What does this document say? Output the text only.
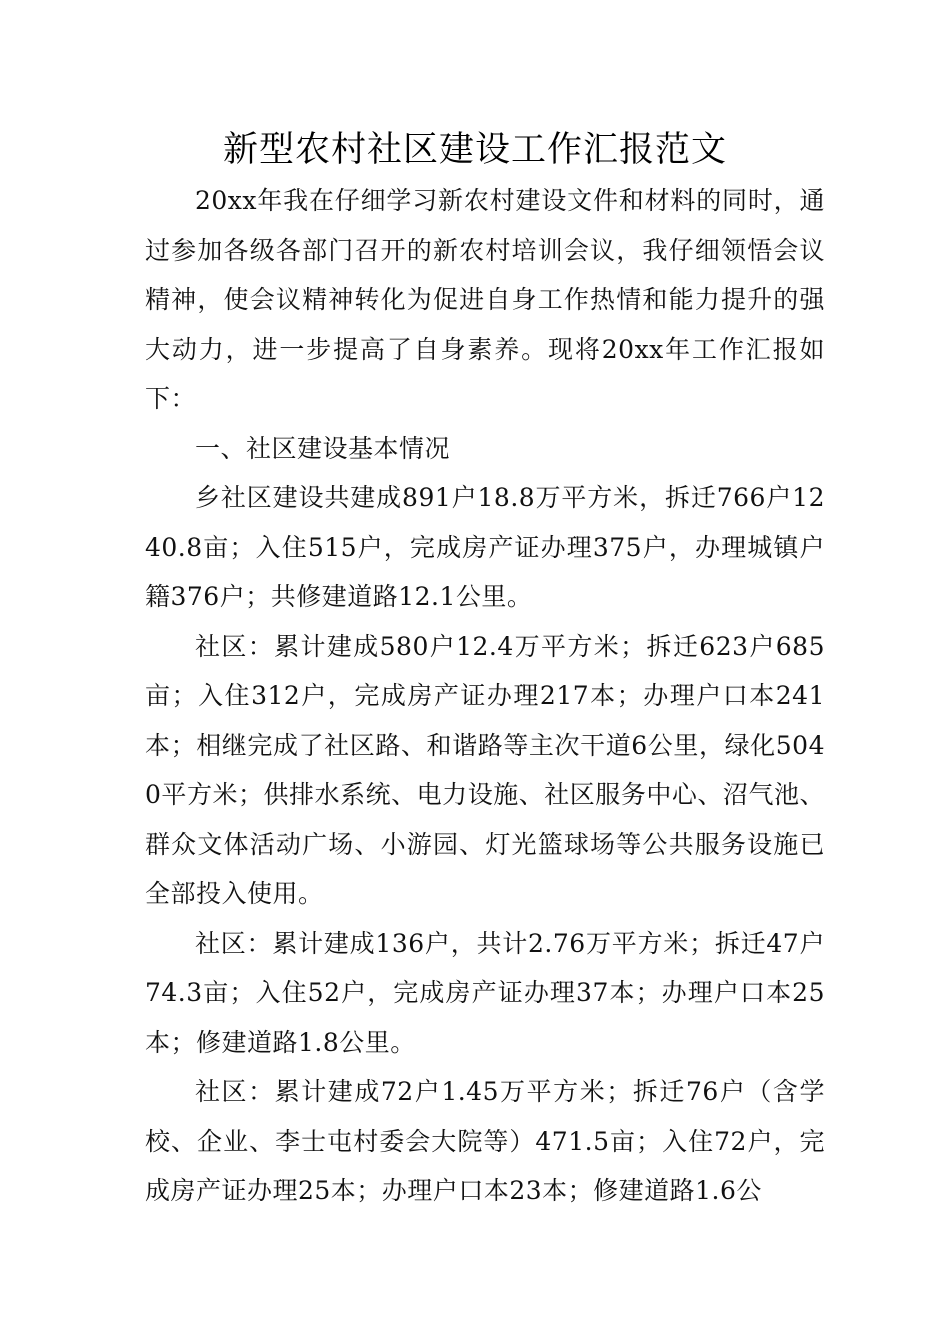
新型农村社区建设工作汇报范文

20xx年我在仔细学习新农村建设文件和材料的同时，通过参加各级各部门召开的新农村培训会议，我仔细领悟会议精神，使会议精神转化为促进自身工作热情和能力提升的强大动力，进一步提高了自身素养。现将20xx年工作汇报如下：

一、社区建设基本情况

乡社区建设共建成891户18.8万平方米，拆迁766户1240.8亩；入住515户，完成房产证办理375户，办理城镇户籍376户；共修建道路12.1公里。

社区：累计建成580户12.4万平方米；拆迁623户685亩；入住312户，完成房产证办理217本；办理户口本241本；相继完成了社区路、和谐路等主次干道6公里，绿化5040平方米；供排水系统、电力设施、社区服务中心、沼气池、群众文体活动广场、小游园、灯光篮球场等公共服务设施已全部投入使用。

社区：累计建成136户，共计2.76万平方米；拆迁47户74.3亩；入住52户，完成房产证办理37本；办理户口本25本；修建道路1.8公里。

社区：累计建成72户1.45万平方米；拆迁76户（含学校、企业、李士屯村委会大院等）471.5亩；入住72户，完成房产证办理25本；办理户口本23本；修建道路1.6公
